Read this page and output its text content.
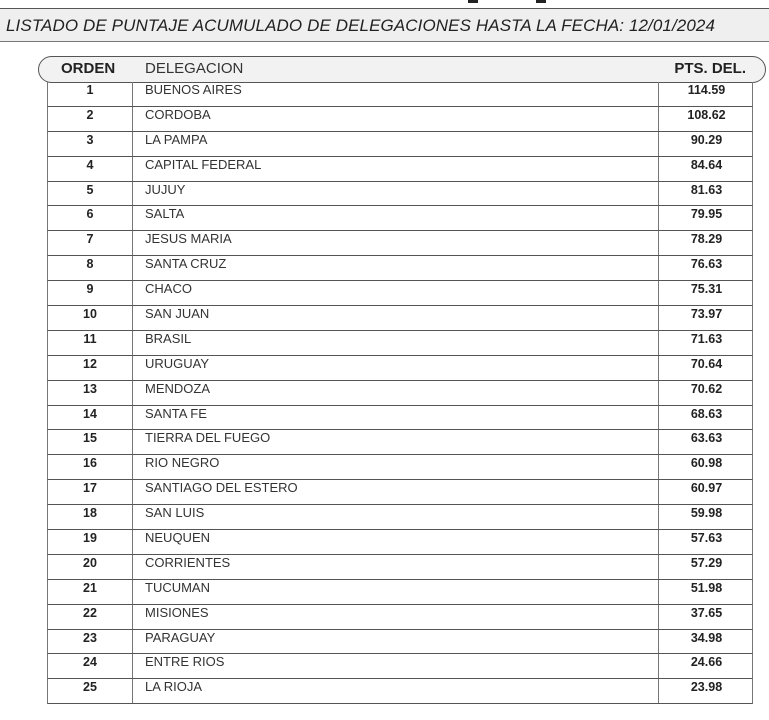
LISTADO DE PUNTAJE ACUMULADO DE DELEGACIONES HASTA LA FECHA: 12/01/2024
ORDEN DELEGACION	PTS. DEL.
1	BUENOS AIRES	114.59
2	CORDOBA	108.62
3	LA PAMPA	90.29
4	CAPITAL FEDERAL	84.64
5	JUJUY	81.63
6	SALTA	79.95
7	JESUS MARIA	78.29
8	SANTA CRUZ	76.63
9	CHACO	75.31
10	SAN JUAN	73.97
11	BRASIL	71.63
12	URUGUAY	70.64
13	MENDOZA	70.62
14	SANTA FE	68.63
15	TIERRA DEL FUEGO	63.63
16	RIO NEGRO	60.98
17	SANTIAGO DEL ESTERO	60.97
18	SAN LUIS	59.98
19	NEUQUEN	57.63
20	CORRIENTES	57.29
21	TUCUMAN	51.98
22	MISIONES	37.65
23	PARAGUAY	34.98
24	ENTRE RIOS	24.66
25	LA RIOJA	23.98
